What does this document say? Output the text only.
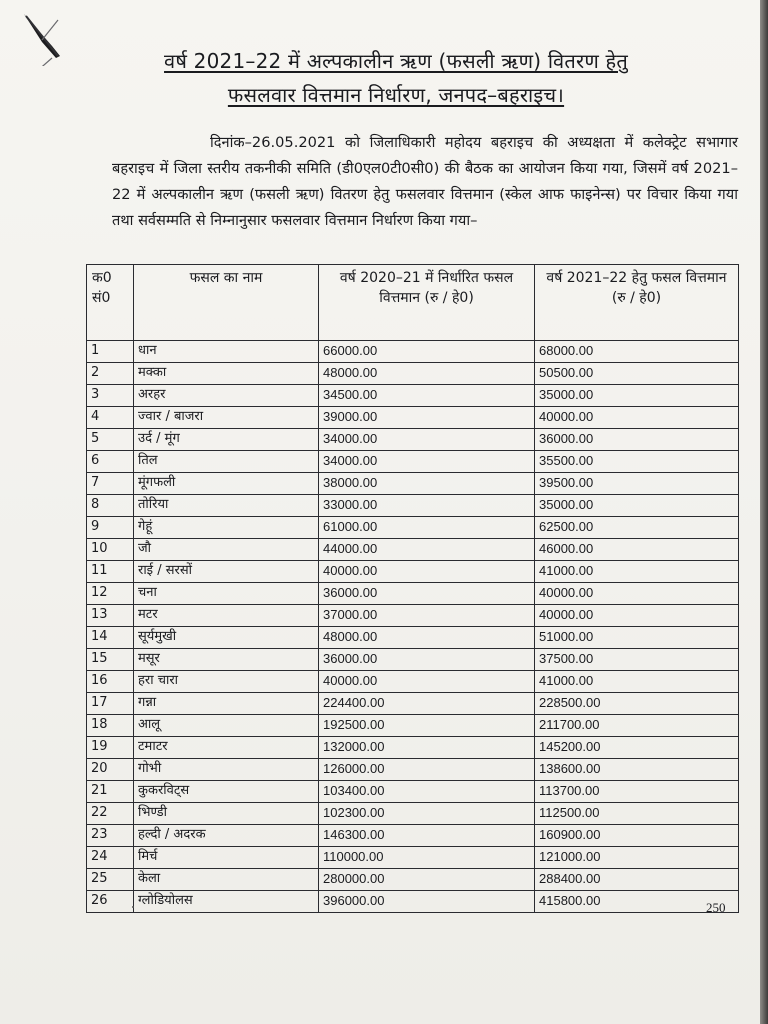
वर्ष 2021–22 में अल्पकालीन ऋण (फसली ऋण) वितरण हेतु
फसलवार वित्तमान निर्धारण, जनपद–बहराइच।

दिनांक–26.05.2021 को जिलाधिकारी महोदय बहराइच की अध्यक्षता में कलेक्ट्रेट सभागार बहराइच में जिला स्तरीय तकनीकी समिति (डी0एल0टी0सी0) की बैठक का आयोजन किया गया, जिसमें वर्ष 2021–22 में अल्पकालीन ऋण (फसली ऋण) वितरण हेतु फसलवार वित्तमान (स्केल आफ फाइनेन्स) पर विचार किया गया तथा सर्वसम्मति से निम्नानुसार फसलवार वित्तमान निर्धारण किया गया–

क0 सं0	फसल का नाम	वर्ष 2020–21 में निर्धारित फसल वित्तमान (रु / हे0)	वर्ष 2021–22 हेतु फसल वित्तमान (रु / हे0)
1	धान	66000.00	68000.00
2	मक्का	48000.00	50500.00
3	अरहर	34500.00	35000.00
4	ज्वार / बाजरा	39000.00	40000.00
5	उर्द / मूंग	34000.00	36000.00
6	तिल	34000.00	35500.00
7	मूंगफली	38000.00	39500.00
8	तोरिया	33000.00	35000.00
9	गेहूं	61000.00	62500.00
10	जौ	44000.00	46000.00
11	राई / सरसों	40000.00	41000.00
12	चना	36000.00	40000.00
13	मटर	37000.00	40000.00
14	सूर्यमुखी	48000.00	51000.00
15	मसूर	36000.00	37500.00
16	हरा चारा	40000.00	41000.00
17	गन्ना	224400.00	228500.00
18	आलू	192500.00	211700.00
19	टमाटर	132000.00	145200.00
20	गोभी	126000.00	138600.00
21	कुकरविट्स	103400.00	113700.00
22	भिण्डी	102300.00	112500.00
23	हल्दी / अदरक	146300.00	160900.00
24	मिर्च	110000.00	121000.00
25	केला	280000.00	288400.00
26	ग्लोडियोलस	396000.00	415800.00	250
